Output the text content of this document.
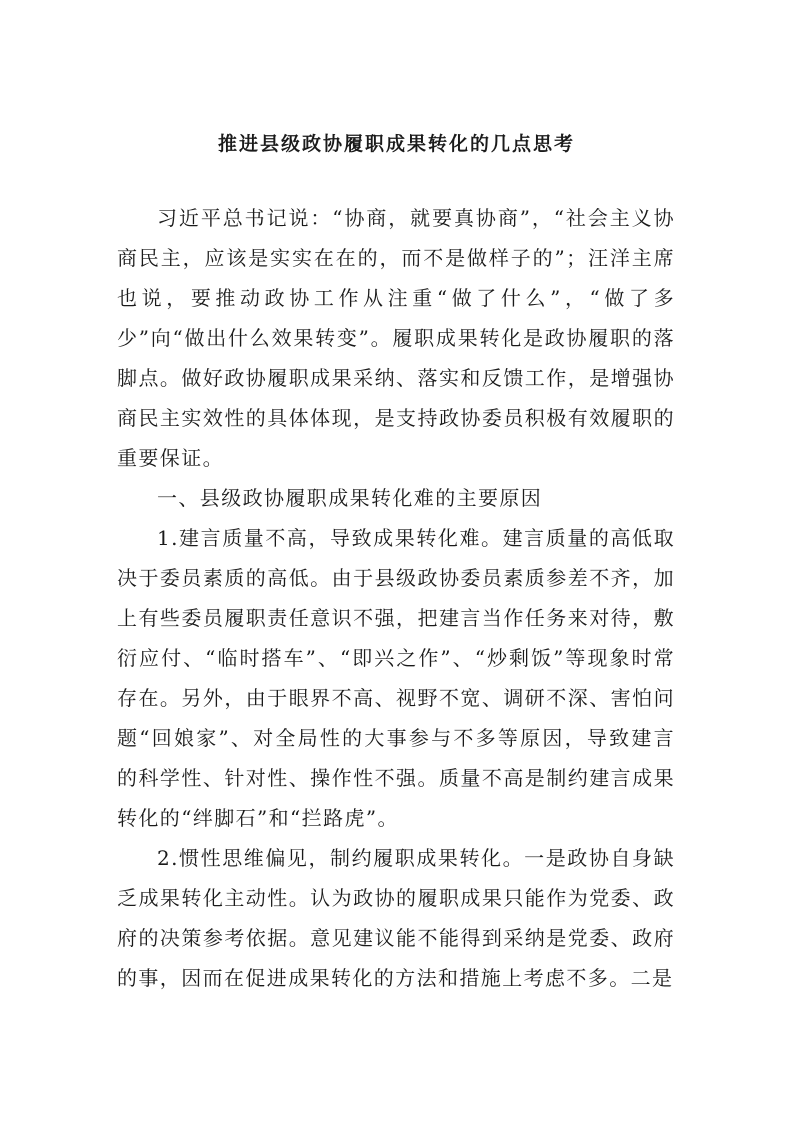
推进县级政协履职成果转化的几点思考

习近平总书记说：“协商，就要真协商”，“社会主义协商民主，应该是实实在在的，而不是做样子的”；汪洋主席也说，要推动政协工作从注重“做了什么”，“做了多少”向“做出什么效果转变”。履职成果转化是政协履职的落脚点。做好政协履职成果采纳、落实和反馈工作，是增强协商民主实效性的具体体现，是支持政协委员积极有效履职的重要保证。

一、县级政协履职成果转化难的主要原因

1.建言质量不高，导致成果转化难。建言质量的高低取决于委员素质的高低。由于县级政协委员素质参差不齐，加上有些委员履职责任意识不强，把建言当作任务来对待，敷衍应付、“临时搭车”、“即兴之作”、“炒剩饭”等现象时常存在。另外，由于眼界不高、视野不宽、调研不深、害怕问题“回娘家”、对全局性的大事参与不多等原因，导致建言的科学性、针对性、操作性不强。质量不高是制约建言成果转化的“绊脚石”和“拦路虎”。

2.惯性思维偏见，制约履职成果转化。一是政协自身缺乏成果转化主动性。认为政协的履职成果只能作为党委、政府的决策参考依据。意见建议能不能得到采纳是党委、政府的事，因而在促进成果转化的方法和措施上考虑不多。二是
